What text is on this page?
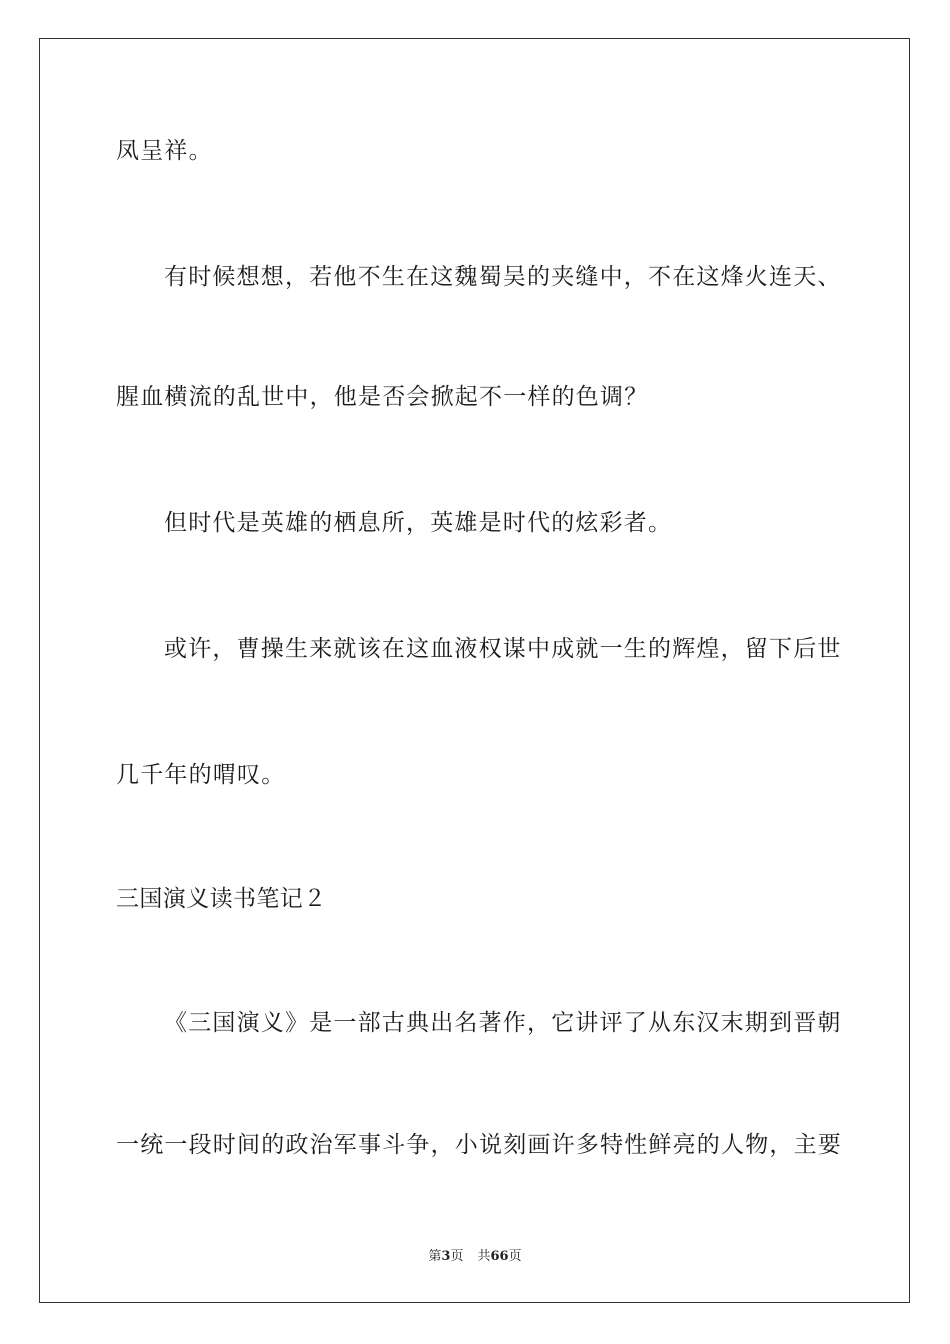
凤呈祥。
有时候想想，若他不生在这魏蜀吴的夹缝中，不在这烽火连天、
腥血横流的乱世中，他是否会掀起不一样的色调？
但时代是英雄的栖息所，英雄是时代的炫彩者。
或许，曹操生来就该在这血液权谋中成就一生的辉煌，留下后世
几千年的喟叹。
三国演义读书笔记２
《三国演义》是一部古典出名著作，它讲评了从东汉末期到晋朝
一统一段时间的政治军事斗争，小说刻画许多特性鲜亮的人物，主要
第3页 共66页
